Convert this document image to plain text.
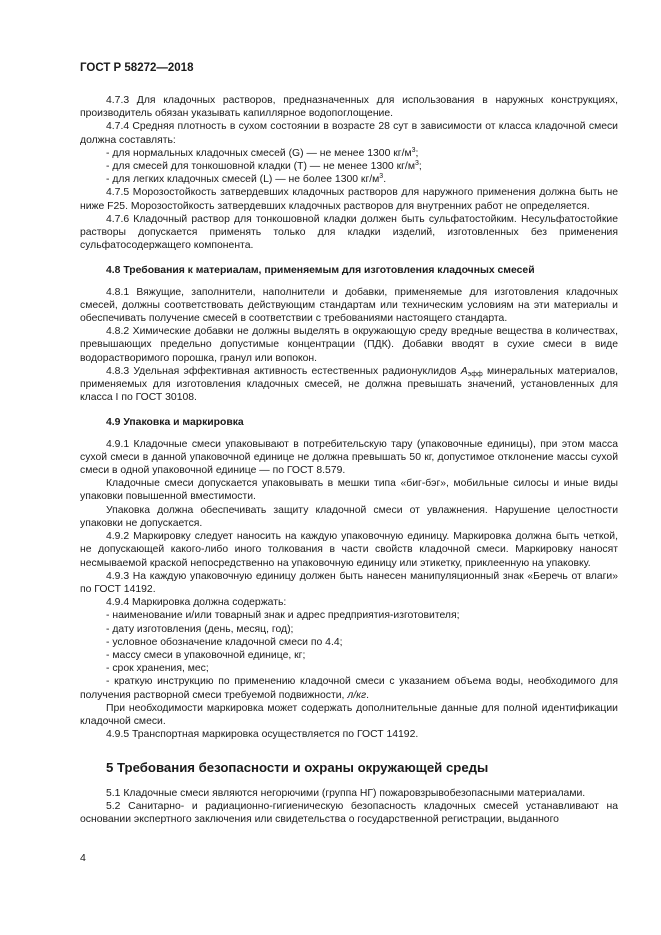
ГОСТ Р 58272—2018

4.7.3 Для кладочных растворов, предназначенных для использования в наружных конструкциях, производитель обязан указывать капиллярное водопоглощение.

4.7.4 Средняя плотность в сухом состоянии в возрасте 28 сут в зависимости от класса кладочной смеси должна составлять:

- для нормальных кладочных смесей (G) — не менее 1300 $кг/м^3$;

- для смесей для тонкошовной кладки (Т) — не менее 1300 $кг/м^3$;

- для легких кладочных смесей (L) — не более 1300 $кг/м^3$.

4.7.5 Морозостойкость затвердевших кладочных растворов для наружного применения должна быть не ниже F25. Морозостойкость затвердевших кладочных растворов для внутренних работ не определяется.

4.7.6 Кладочный раствор для тонкошовной кладки должен быть сульфатостойким. Несульфатостойкие растворы допускается применять только для кладки изделий, изготовленных без применения сульфатосодержащего компонента.

4.8 Требования к материалам, применяемым для изготовления кладочных смесей

4.8.1 Вяжущие, заполнители, наполнители и добавки, применяемые для изготовления кладочных смесей, должны соответствовать действующим стандартам или техническим условиям на эти материалы и обеспечивать получение смесей в соответствии с требованиями настоящего стандарта.

4.8.2 Химические добавки не должны выделять в окружающую среду вредные вещества в количествах, превышающих предельно допустимые концентрации (ПДК). Добавки вводят в сухие смеси в виде водорастворимого порошка, гранул или вопокон.

4.8.3 Удельная эффективная активность естественных радионуклидов $А_{эфф}$ минеральных материалов, применяемых для изготовления кладочных смесей, не должна превышать значений, установленных для класса I по ГОСТ 30108.

4.9 Упаковка и маркировка

4.9.1 Кладочные смеси упаковывают в потребительскую тару (упаковочные единицы), при этом масса сухой смеси в данной упаковочной единице не должна превышать 50 кг, допустимое отклонение массы сухой смеси в одной упаковочной единице — по ГОСТ 8.579.

Кладочные смеси допускается упаковывать в мешки типа «биг-бэг», мобильные силосы и иные виды упаковки повышенной вместимости.

Упаковка должна обеспечивать защиту кладочной смеси от увлажнения. Нарушение целостности упаковки не допускается.

4.9.2 Маркировку следует наносить на каждую упаковочную единицу. Маркировка должна быть четкой, не допускающей какого-либо иного толкования в части свойств кладочной смеси. Маркировку наносят несмываемой краской непосредственно на упаковочную единицу или этикетку, приклеенную на упаковку.

4.9.3 На каждую упаковочную единицу должен быть нанесен манипуляционный знак «Беречь от влаги» по ГОСТ 14192.

4.9.4 Маркировка должна содержать:

- наименование и/или товарный знак и адрес предприятия-изготовителя;

- дату изготовления (день, месяц, год);

- условное обозначение кладочной смеси по 4.4;

- массу смеси в упаковочной единице, кг;

- срок хранения, мес;

- краткую инструкцию по применению кладочной смеси с указанием объема воды, необходимого для получения растворной смеси требуемой подвижности, л/кг.

При необходимости маркировка может содержать дополнительные данные для полной идентификации кладочной смеси.

4.9.5 Транспортная маркировка осуществляется по ГОСТ 14192.

5 Требования безопасности и охраны окружающей среды

5.1 Кладочные смеси являются негорючими (группа НГ) пожаровзрывобезопасными материалами.

5.2 Санитарно- и радиационно-гигиеническую безопасность кладочных смесей устанавливают на основании экспертного заключения или свидетельства о государственной регистрации, выданного

4
